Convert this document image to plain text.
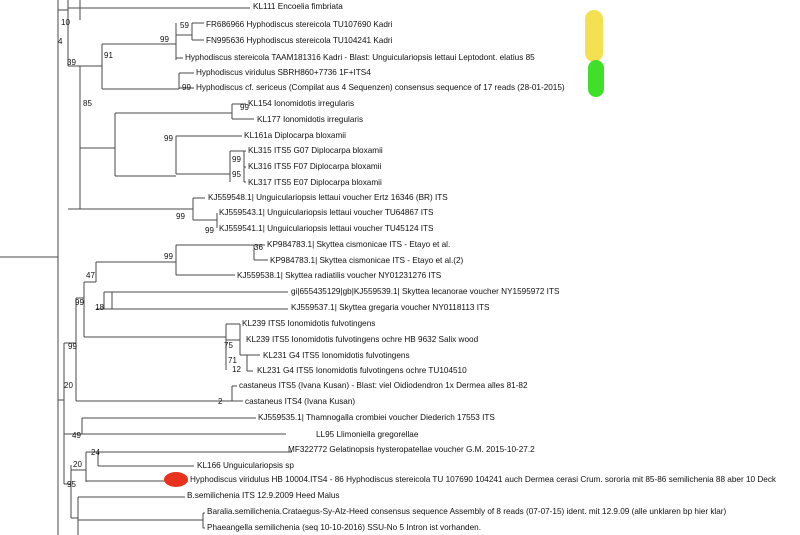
KL111 Encoelia fimbriata
FR686966 Hyphodiscus stereicola TU107690 Kadri
FN995636 Hyphodiscus stereicola TU104241 Kadri
Hyphodiscus stereicola TAAM181316 Kadri - Blast: Unguiculariopsis lettaui Leptodont. elatius 85
Hyphodiscus viridulus SBRH860+7736 1F+ITS4
Hyphodiscus cf. sericeus (Compilat aus 4 Sequenzen) consensus sequence of 17 reads (28-01-2015)
KL154 Ionomidotis irregularis
KL177 Ionomidotis irregularis
KL161a Diplocarpa bloxamii
KL315 ITS5 G07 Diplocarpa bloxamii
KL316 ITS5 F07 Diplocarpa bloxamii
KL317 ITS5 E07 Diplocarpa bloxamii
KJ559548.1| Unguiculariopsis lettaui voucher Ertz 16346 (BR) ITS
KJ559543.1| Unguiculariopsis lettaui voucher TU64867 ITS
KJ559541.1| Unguiculariopsis lettaui voucher TU45124 ITS
KP984783.1| Skyttea cismonicae ITS - Etayo et al.
KP984783.1| Skyttea cismonicae ITS - Etayo et al.(2)
KJ559538.1| Skyttea radiatilis voucher NY01231276 ITS
gi|655435129|gb|KJ559539.1| Skyttea lecanorae voucher NY1595972 ITS
KJ559537.1| Skyttea gregaria voucher NY0118113 ITS
KL239 ITS5 Ionomidotis fulvotingens
KL239 ITS5 Ionomidotis fulvotingens ochre HB 9632 Salix wood
KL231 G4 ITS5 Ionomidotis fulvotingens
KL231 G4 ITS5 Ionomidotis fulvotingens ochre TU104510
castaneus ITS5 (Ivana Kusan) - Blast: viel Oidiodendron 1x Dermea alles 81-82
castaneus ITS4 (Ivana Kusan)
KJ559535.1| Thamnogalla crombiei voucher Diederich 17553 ITS
LL95 Llimoniella gregorellae
MF322772 Gelatinopsis hysteropatellae voucher G.M. 2015-10-27.2
KL166 Unguiculariopsis sp
Hyphodiscus viridulus HB 10004.ITS4 - 86 Hyphodiscus stereicola TU 107690 104241 auch Dermea cerasi Crum. sororia mit 85-86 semilichenia 88 aber 10 Deck
B.semilichenia ITS 12.9.2009 Heed Malus
Baralia.semilichenia.Crataegus-Sy-Alz-Heed consensus sequence Assembly of 8 reads (07-07-15) ident. mit 12.9.09 (alle unklaren bp hier klar)
Phaeangella semilichenia (seq 10-10-2016) SSU-No 5 Intron ist vorhanden.
10
4
39
59
99
91
99
85	99
99
99
95
99
99
99
36
47
18
99
75
71
12
99
2
20
49
24
20
95
